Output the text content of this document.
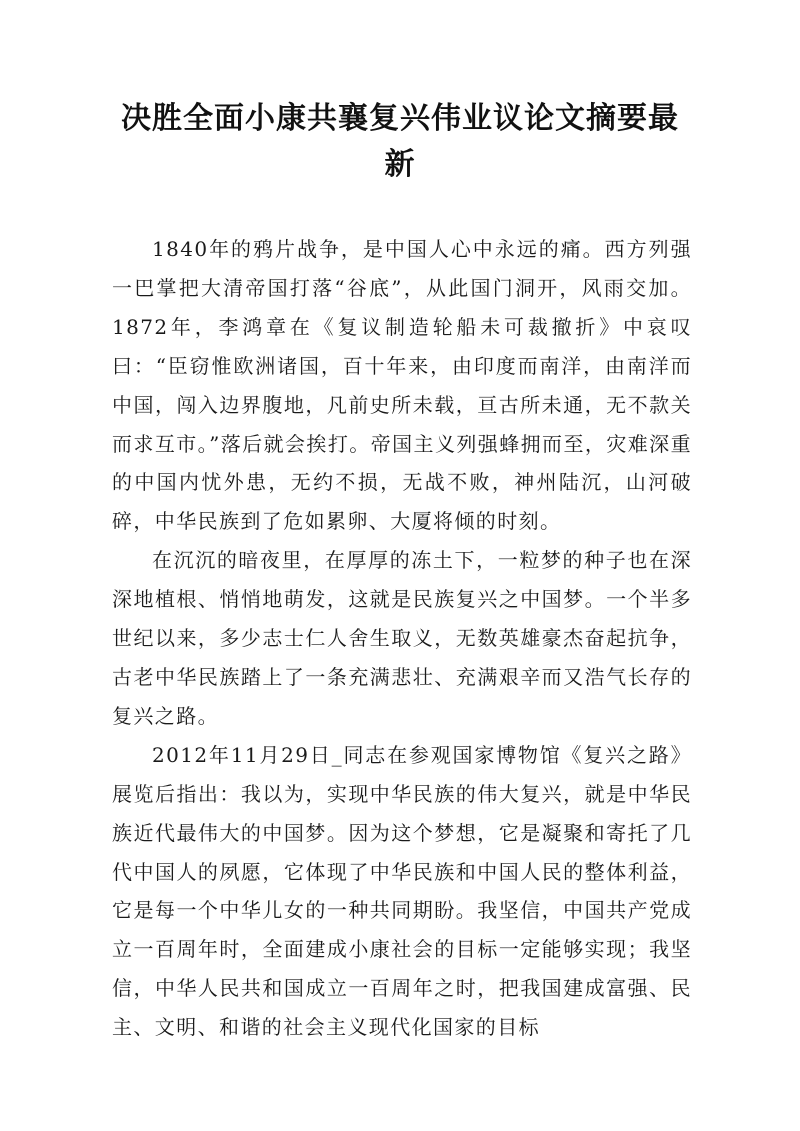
决胜全面小康共襄复兴伟业议论文摘要最新

1840年的鸦片战争，是中国人心中永远的痛。西方列强一巴掌把大清帝国打落“谷底”，从此国门洞开，风雨交加。1872年，李鸿章在《复议制造轮船未可裁撤折》中哀叹曰：“臣窃惟欧洲诸国，百十年来，由印度而南洋，由南洋而中国，闯入边界腹地，凡前史所未载，亘古所未通，无不款关而求互市。”落后就会挨打。帝国主义列强蜂拥而至，灾难深重的中国内忧外患，无约不损，无战不败，神州陆沉，山河破碎，中华民族到了危如累卵、大厦将倾的时刻。

在沉沉的暗夜里，在厚厚的冻土下，一粒梦的种子也在深深地植根、悄悄地萌发，这就是民族复兴之中国梦。一个半多世纪以来，多少志士仁人舍生取义，无数英雄豪杰奋起抗争，古老中华民族踏上了一条充满悲壮、充满艰辛而又浩气长存的复兴之路。

2012年11月29日_同志在参观国家博物馆《复兴之路》展览后指出：我以为，实现中华民族的伟大复兴，就是中华民族近代最伟大的中国梦。因为这个梦想，它是凝聚和寄托了几代中国人的夙愿，它体现了中华民族和中国人民的整体利益，它是每一个中华儿女的一种共同期盼。我坚信，中国共产党成立一百周年时，全面建成小康社会的目标一定能够实现；我坚信，中华人民共和国成立一百周年之时，把我国建成富强、民主、文明、和谐的社会主义现代化国家的目标
